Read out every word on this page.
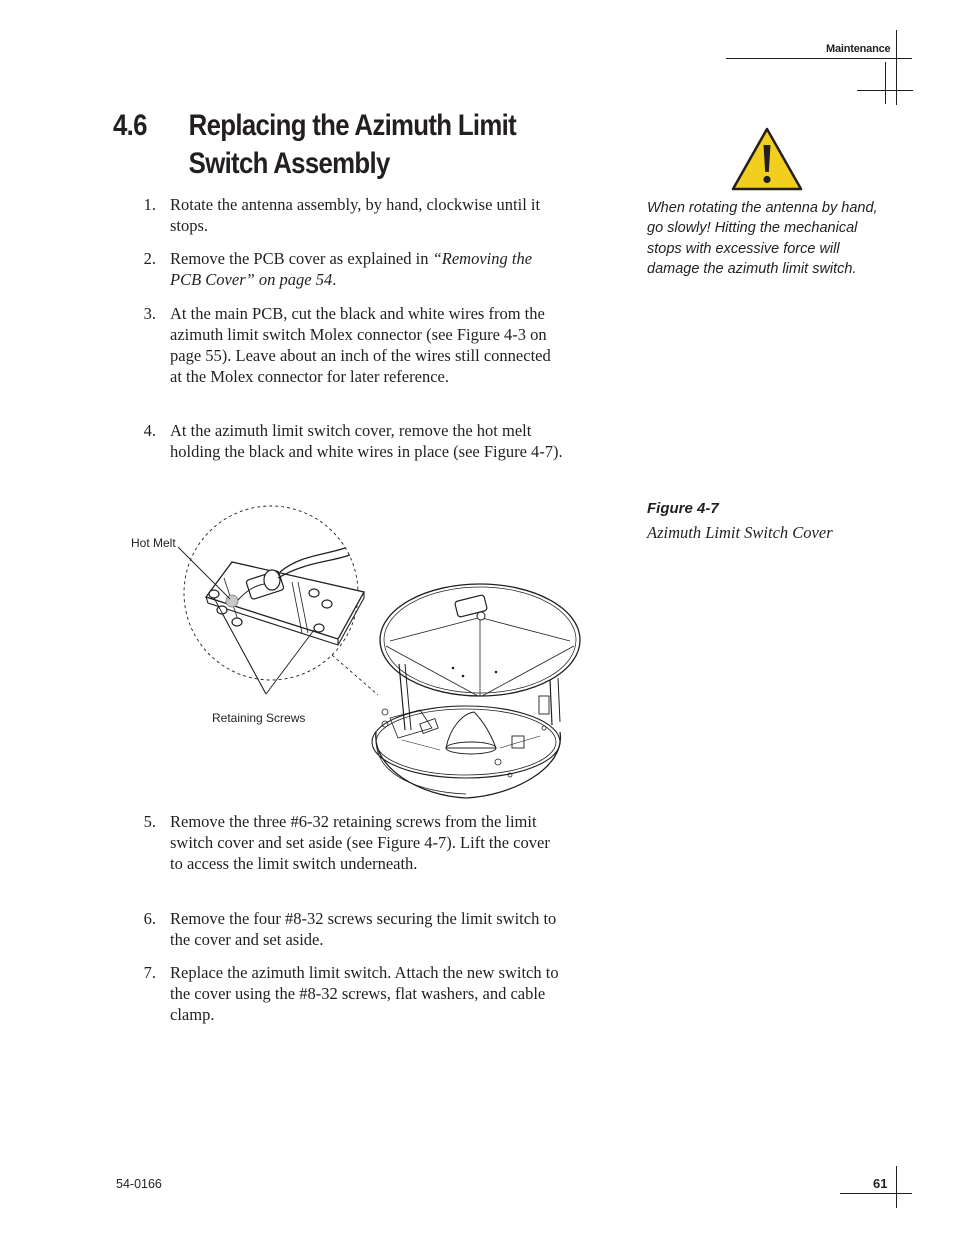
Maintenance
4.6 Replacing the Azimuth Limit
Switch Assembly
1. Rotate the antenna assembly, by hand, clockwise until it stops.
2. Remove the PCB cover as explained in “Removing the PCB Cover” on page 54.
3. At the main PCB, cut the black and white wires from the azimuth limit switch Molex connector (see Figure 4-3 on page 55). Leave about an inch of the wires still connected at the Molex connector for later reference.
4. At the azimuth limit switch cover, remove the hot melt holding the black and white wires in place (see Figure 4-7).
When rotating the antenna by hand, go slowly! Hitting the mechanical stops with excessive force will damage the azimuth limit switch.
Figure 4-7
Azimuth Limit Switch Cover
Hot Melt
Retaining Screws
5. Remove the three #6-32 retaining screws from the limit switch cover and set aside (see Figure 4-7). Lift the cover to access the limit switch underneath.
6. Remove the four #8-32 screws securing the limit switch to the cover and set aside.
7. Replace the azimuth limit switch. Attach the new switch to the cover using the #8-32 screws, flat washers, and cable clamp.
54-0166	61
